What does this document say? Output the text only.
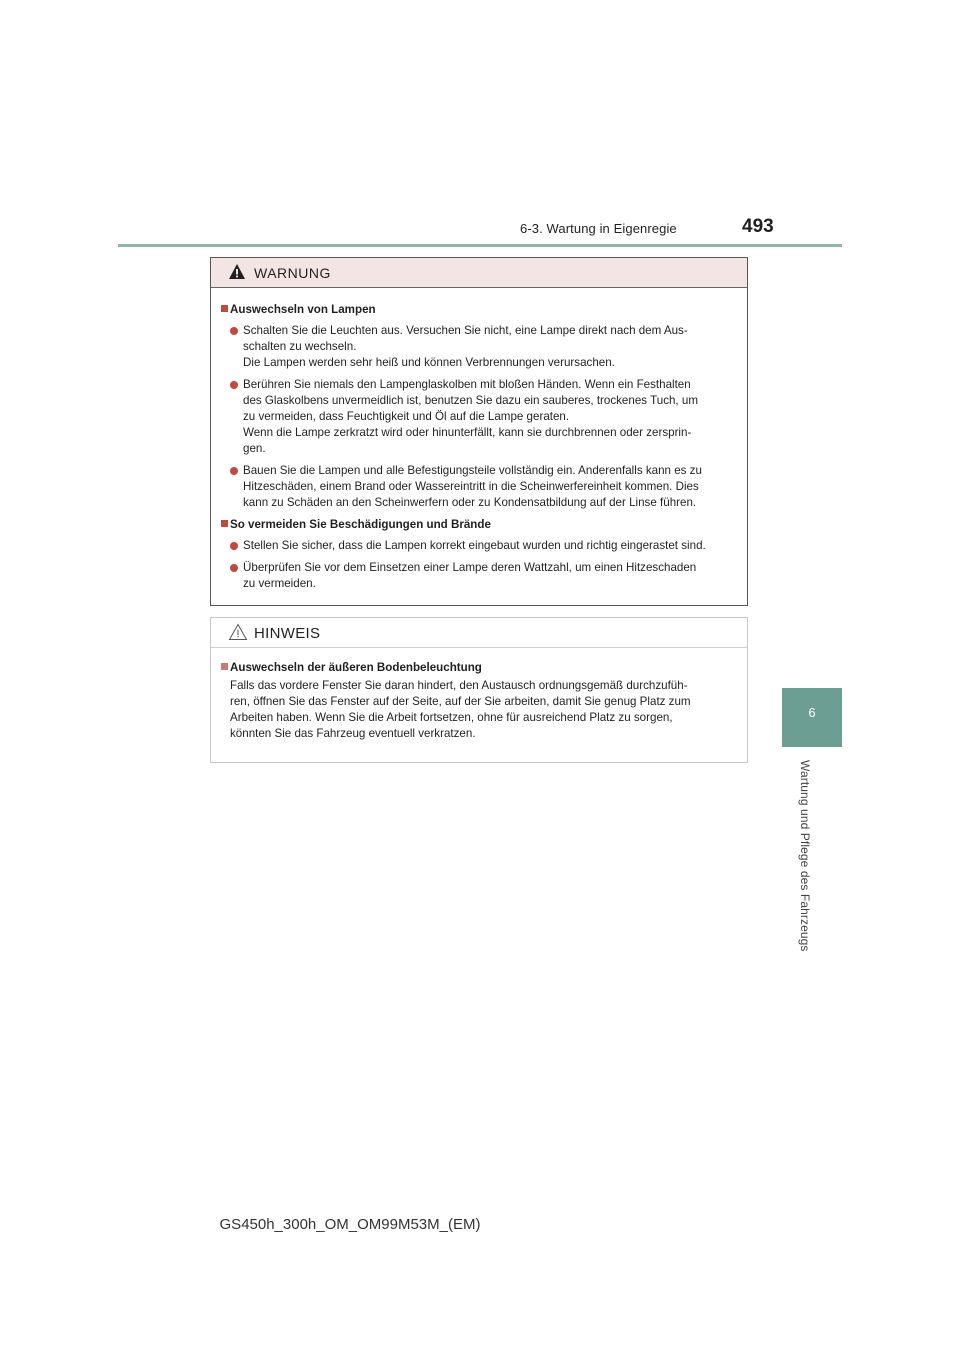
6-3. Wartung in Eigenregie	493
6
Wartung und Pflege des Fahrzeugs
WARNUNG
Auswechseln von Lampen
Schalten Sie die Leuchten aus. Versuchen Sie nicht, eine Lampe direkt nach dem Aus-
schalten zu wechseln.
Die Lampen werden sehr heiß und können Verbrennungen verursachen.
Berühren Sie niemals den Lampenglaskolben mit bloßen Händen. Wenn ein Festhalten
des Glaskolbens unvermeidlich ist, benutzen Sie dazu ein sauberes, trockenes Tuch, um
zu vermeiden, dass Feuchtigkeit und Öl auf die Lampe geraten.
Wenn die Lampe zerkratzt wird oder hinunterfällt, kann sie durchbrennen oder zersprin-
gen.
Bauen Sie die Lampen und alle Befestigungsteile vollständig ein. Anderenfalls kann es zu
Hitzeschäden, einem Brand oder Wassereintritt in die Scheinwerfereinheit kommen. Dies
kann zu Schäden an den Scheinwerfern oder zu Kondensatbildung auf der Linse führen.
So vermeiden Sie Beschädigungen und Brände
Stellen Sie sicher, dass die Lampen korrekt eingebaut wurden und richtig eingerastet sind.
Überprüfen Sie vor dem Einsetzen einer Lampe deren Wattzahl, um einen Hitzeschaden
zu vermeiden.
HINWEIS
Auswechseln der äußeren Bodenbeleuchtung
Falls das vordere Fenster Sie daran hindert, den Austausch ordnungsgemäß durchzufüh-
ren, öffnen Sie das Fenster auf der Seite, auf der Sie arbeiten, damit Sie genug Platz zum
Arbeiten haben. Wenn Sie die Arbeit fortsetzen, ohne für ausreichend Platz zu sorgen,
könnten Sie das Fahrzeug eventuell verkratzen.
GS450h_300h_OM_OM99M53M_(EM)
